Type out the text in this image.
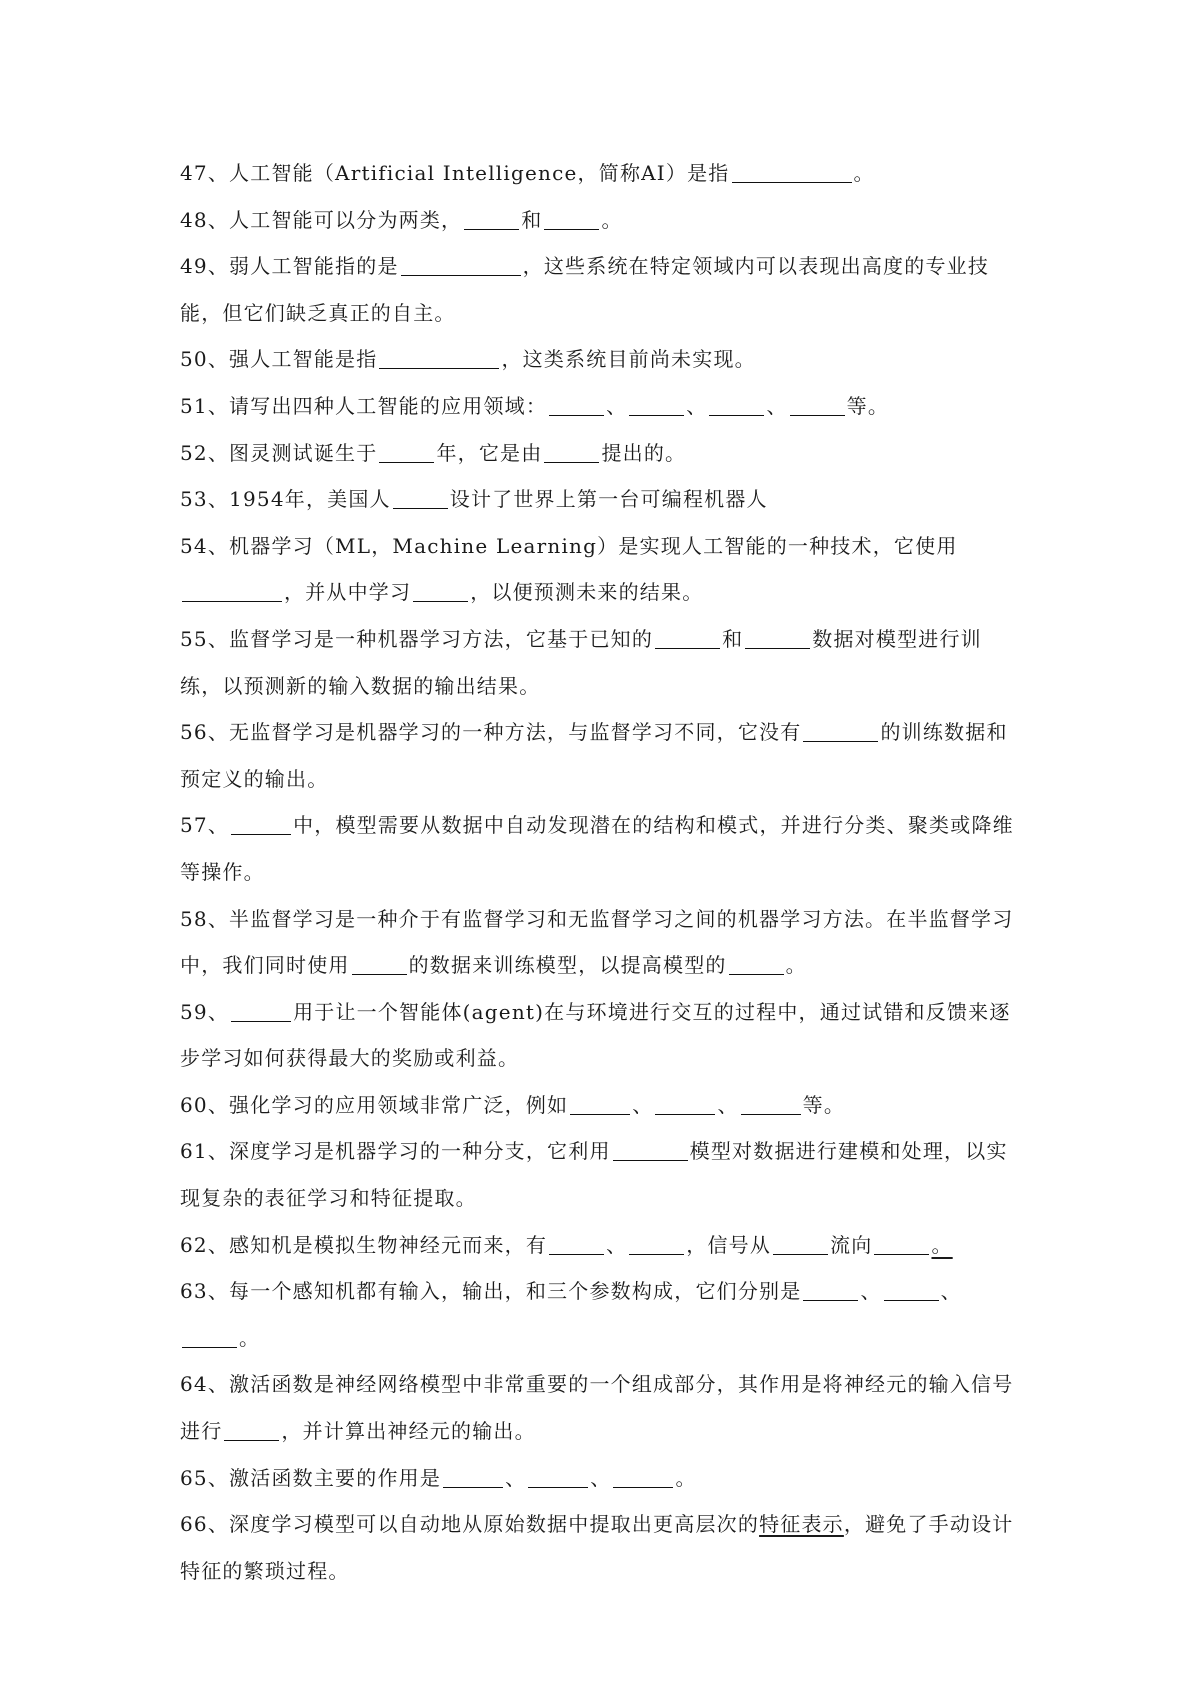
47、人工智能（Artificial Intelligence，简称AI）是指	。

48、人工智能可以分为两类，	和	。

49、弱人工智能指的是	，这些系统在特定领域内可以表现出高度的专业技能，但它们缺乏真正的自主。

50、强人工智能是指	，这类系统目前尚未实现。

51、请写出四种人工智能的应用领域：	、	、	、	等。

52、图灵测试诞生于	年，它是由	提出的。

53、1954年，美国人	设计了世界上第一台可编程机器人

54、机器学习（ML，Machine Learning）是实现人工智能的一种技术，它使用，并从中学习	，以便预测未来的结果。

55、监督学习是一种机器学习方法，它基于已知的	和	数据对模型进行训练，以预测新的输入数据的输出结果。

56、无监督学习是机器学习的一种方法，与监督学习不同，它没有	的训练数据和预定义的输出。

57、	中，模型需要从数据中自动发现潜在的结构和模式，并进行分类、聚类或降维等操作。

58、半监督学习是一种介于有监督学习和无监督学习之间的机器学习方法。在半监督学习中，我们同时使用	的数据来训练模型，以提高模型的	。

59、	用于让一个智能体(agent)在与环境进行交互的过程中，通过试错和反馈来逐步学习如何获得最大的奖励或利益。

60、强化学习的应用领域非常广泛，例如	、	、	等。

61、深度学习是机器学习的一种分支，它利用	模型对数据进行建模和处理，以实现复杂的表征学习和特征提取。

62、感知机是模拟生物神经元而来，有	、	，信号从	流向	。

63、每一个感知机都有输入，输出，和三个参数构成，它们分别是	、	、。

64、激活函数是神经网络模型中非常重要的一个组成部分，其作用是将神经元的输入信号进行	，并计算出神经元的输出。

65、激活函数主要的作用是	、	、	。

66、深度学习模型可以自动地从原始数据中提取出更高层次的特征表示，避免了手动设计特征的繁琐过程。
